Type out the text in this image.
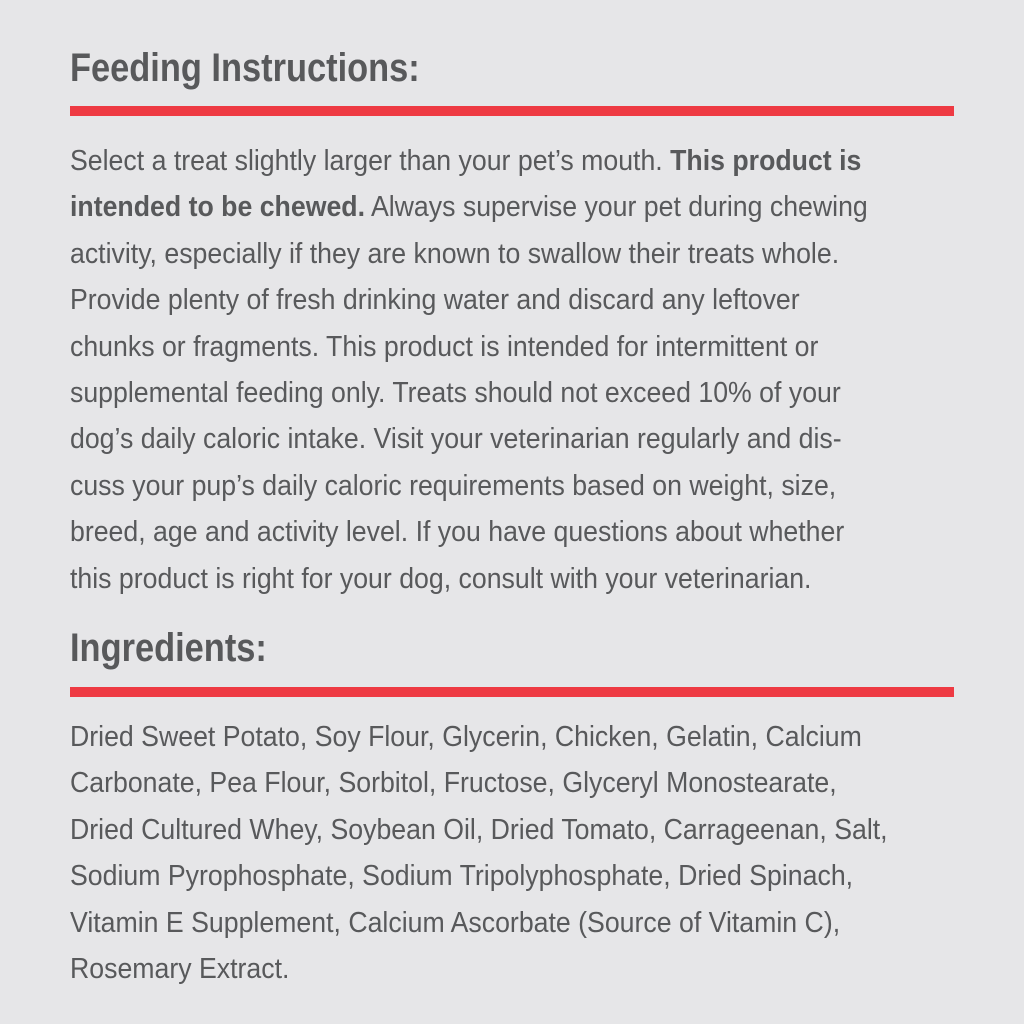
Feeding Instructions:

Select a treat slightly larger than your pet’s mouth. This product is
intended to be chewed. Always supervise your pet during chewing
activity, especially if they are known to swallow their treats whole.
Provide plenty of fresh drinking water and discard any leftover
chunks or fragments. This product is intended for intermittent or
supplemental feeding only. Treats should not exceed 10% of your
dog’s daily caloric intake. Visit your veterinarian regularly and dis-
cuss your pup’s daily caloric requirements based on weight, size,
breed, age and activity level. If you have questions about whether
this product is right for your dog, consult with your veterinarian.

Ingredients:

Dried Sweet Potato, Soy Flour, Glycerin, Chicken, Gelatin, Calcium
Carbonate, Pea Flour, Sorbitol, Fructose, Glyceryl Monostearate,
Dried Cultured Whey, Soybean Oil, Dried Tomato, Carrageenan, Salt,
Sodium Pyrophosphate, Sodium Tripolyphosphate, Dried Spinach,
Vitamin E Supplement, Calcium Ascorbate (Source of Vitamin C),
Rosemary Extract.
